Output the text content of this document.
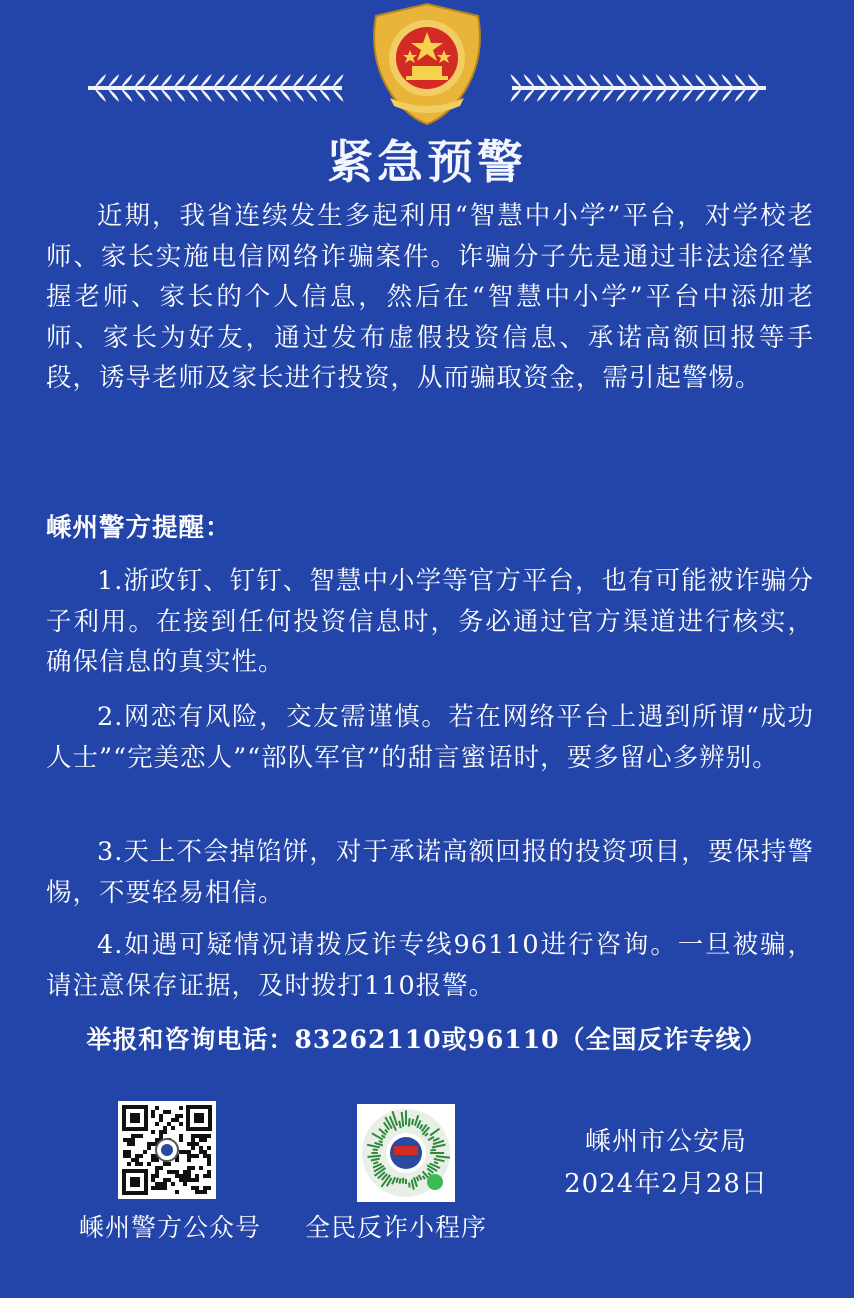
紧急预警

近期，我省连续发生多起利用“智慧中小学”平台，对学校老师、家长实施电信网络诈骗案件。诈骗分子先是通过非法途径掌握老师、家长的个人信息，然后在“智慧中小学”平台中添加老师、家长为好友，通过发布虚假投资信息、承诺高额回报等手段，诱导老师及家长进行投资，从而骗取资金，需引起警惕。

嵊州警方提醒：

1.浙政钉、钉钉、智慧中小学等官方平台，也有可能被诈骗分子利用。在接到任何投资信息时，务必通过官方渠道进行核实，确保信息的真实性。

2.网恋有风险，交友需谨慎。若在网络平台上遇到所谓“成功人士”“完美恋人”“部队军官”的甜言蜜语时，要多留心多辨别。

3.天上不会掉馅饼，对于承诺高额回报的投资项目，要保持警惕，不要轻易相信。

4.如遇可疑情况请拨反诈专线96110进行咨询。一旦被骗，请注意保存证据，及时拨打110报警。

举报和咨询电话：83262110或96110（全国反诈专线）
嵊州警方公众号 全民反诈小程序
嵊州市公安局
2024年2月28日
